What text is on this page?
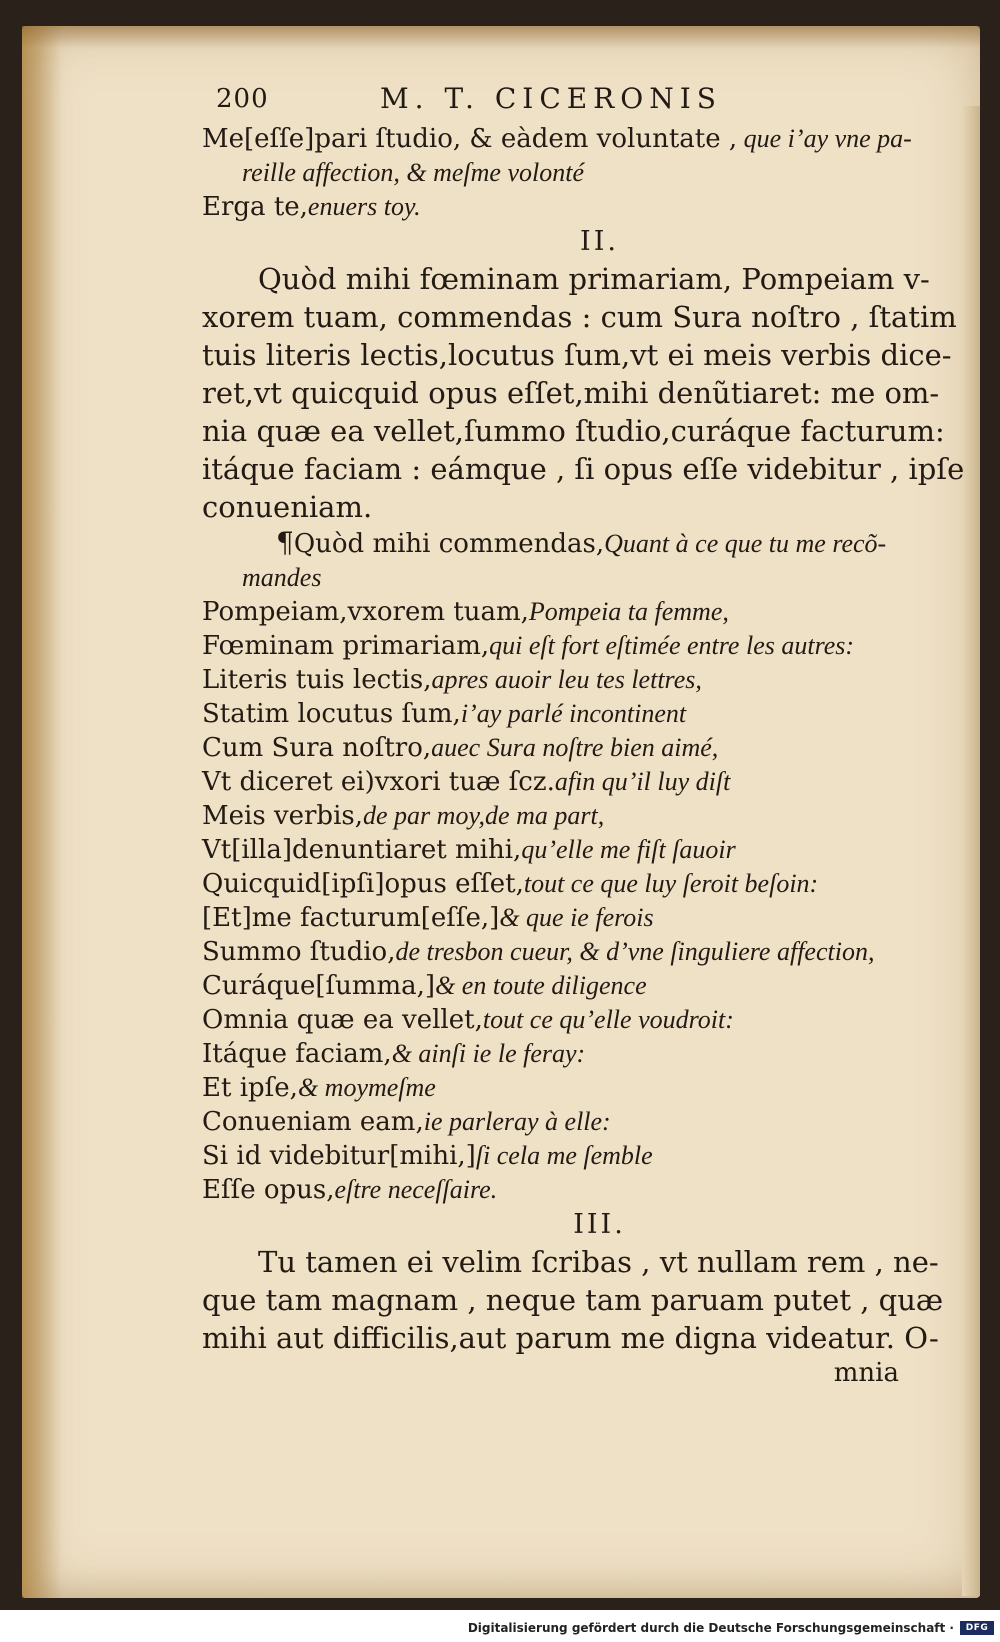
200	M. T. CICERONIS
Me[eſſe]pari ſtudio, & eàdem voluntate , que i’ay vne pa-
reille affection, & meſme volonté
Erga te,enuers toy.
II.
Quòd mihi fœminam primariam, Pompeiam v-
xorem tuam, commendas : cum Sura noſtro , ſtatim
tuis literis lectis,locutus ſum,vt ei meis verbis dice-
ret,vt quicquid opus eſſet,mihi denũtiaret: me om-
nia quæ ea vellet,ſummo ſtudio,curáque facturum:
itáque faciam : eámque , ſi opus eſſe videbitur , ipſe
conueniam.
¶Quòd mihi commendas,Quant à ce que tu me recõ-
mandes
Pompeiam,vxorem tuam,Pompeia ta femme,
Fœminam primariam,qui eſt fort eſtimée entre les autres:
Literis tuis lectis,apres auoir leu tes lettres,
Statim locutus ſum,i’ay parlé incontinent
Cum Sura noſtro,auec Sura noſtre bien aimé,
Vt diceret ei)vxori tuæ ſcz.afin qu’il luy diſt
Meis verbis,de par moy,de ma part,
Vt[illa]denuntiaret mihi,qu’elle me fiſt ſauoir
Quicquid[ipſi]opus eſſet,tout ce que luy ſeroit beſoin:
[Et]me facturum[eſſe,]& que ie ferois
Summo ſtudio,de tresbon cueur, & d’vne ſinguliere affection,
Curáque[ſumma,]& en toute diligence
Omnia quæ ea vellet,tout ce qu’elle voudroit:
Itáque faciam,& ainſi ie le feray:
Et ipſe,& moymeſme
Conueniam eam,ie parleray à elle:
Si id videbitur[mihi,]ſi cela me ſemble
Eſſe opus,eſtre neceſſaire.
III.
Tu tamen ei velim ſcribas , vt nullam rem , ne-
que tam magnam , neque tam paruam putet , quæ
mihi aut difficilis,aut parum me digna videatur. O-
mnia
Digitalisierung gefördert durch die Deutsche Forschungsgemeinschaft ·	DFG
